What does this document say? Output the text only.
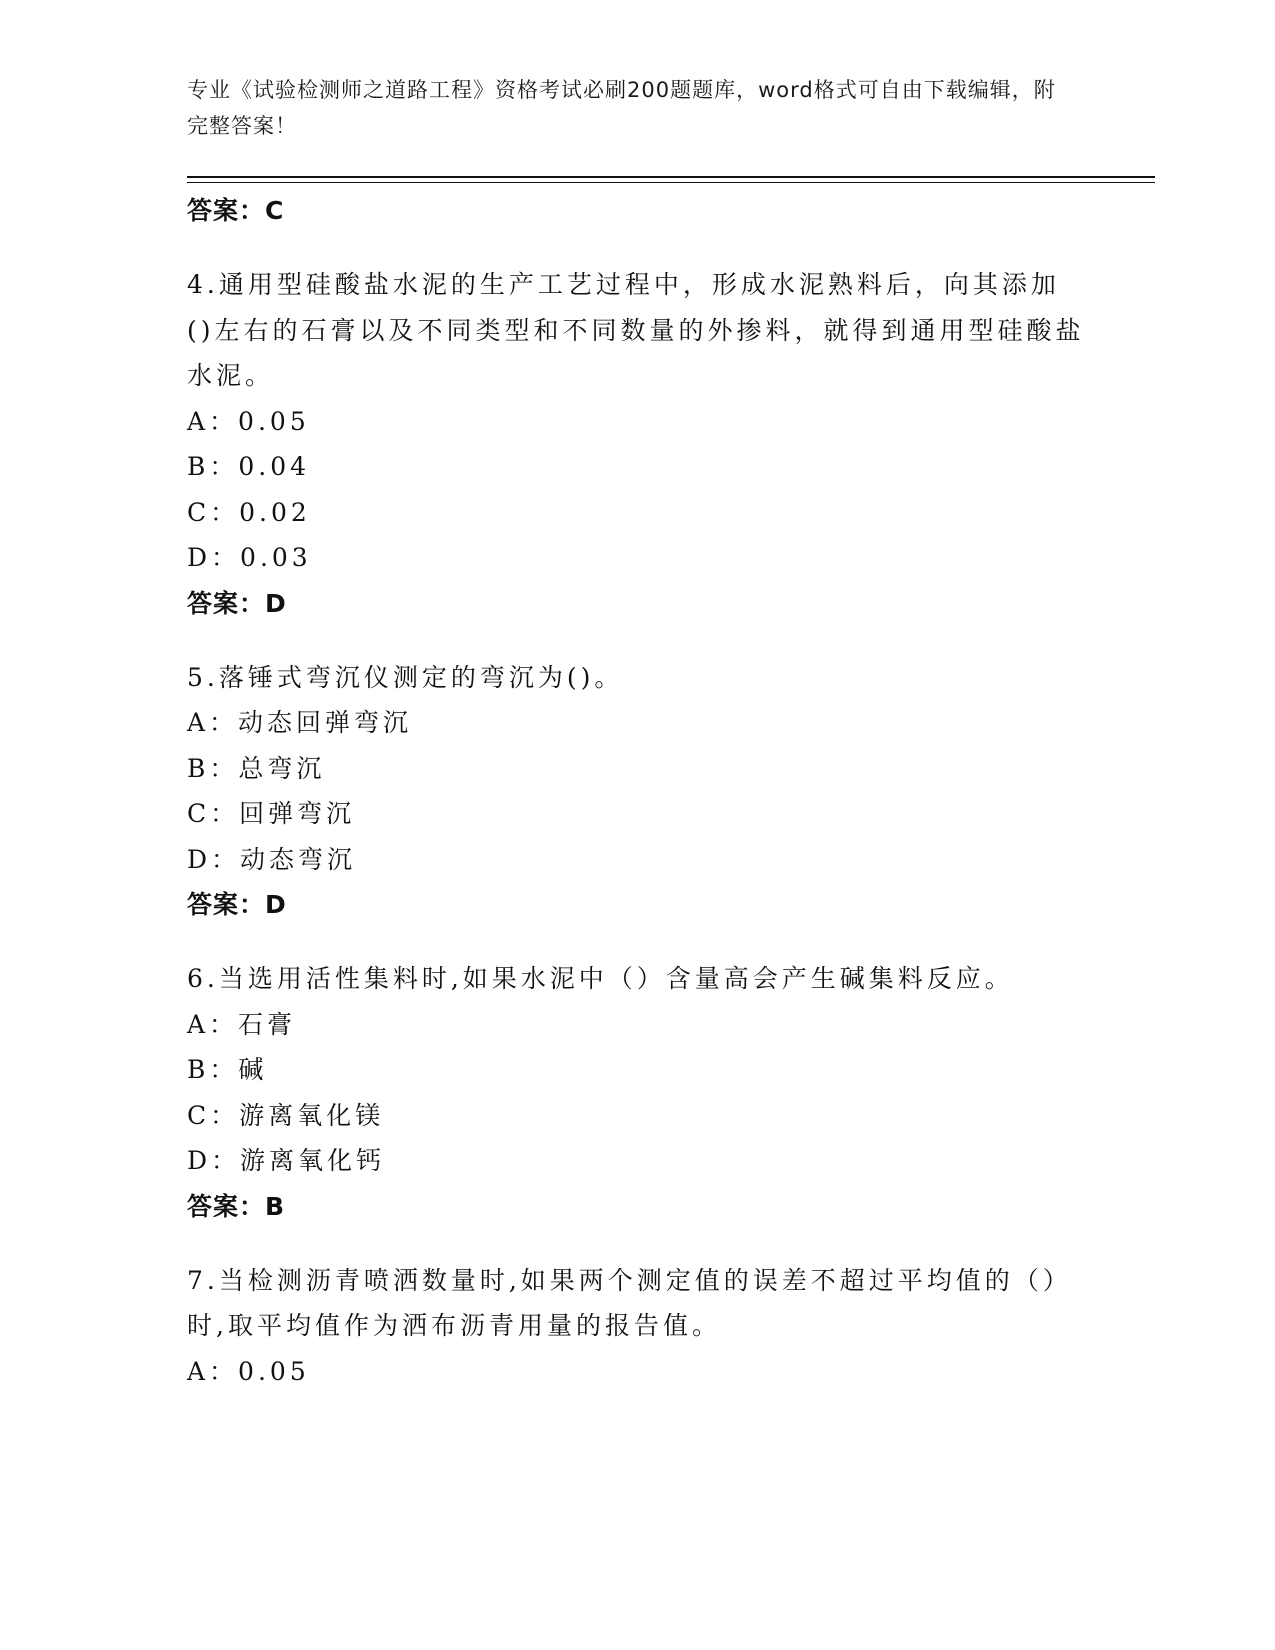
专业《试验检测师之道路工程》资格考试必刷200题题库，word格式可自由下载编辑，附完整答案！
答案：C
4.通用型硅酸盐水泥的生产工艺过程中，形成水泥熟料后，向其添加()左右的石膏以及不同类型和不同数量的外掺料，就得到通用型硅酸盐水泥。
A：0.05
B：0.04
C：0.02
D：0.03
答案：D
5.落锤式弯沉仪测定的弯沉为()。
A：动态回弹弯沉
B：总弯沉
C：回弹弯沉
D：动态弯沉
答案：D
6.当选用活性集料时,如果水泥中（）含量高会产生碱集料反应。
A：石膏
B：碱
C：游离氧化镁
D：游离氧化钙
答案：B
7.当检测沥青喷洒数量时,如果两个测定值的误差不超过平均值的（）时,取平均值作为洒布沥青用量的报告值。
A：0.05
